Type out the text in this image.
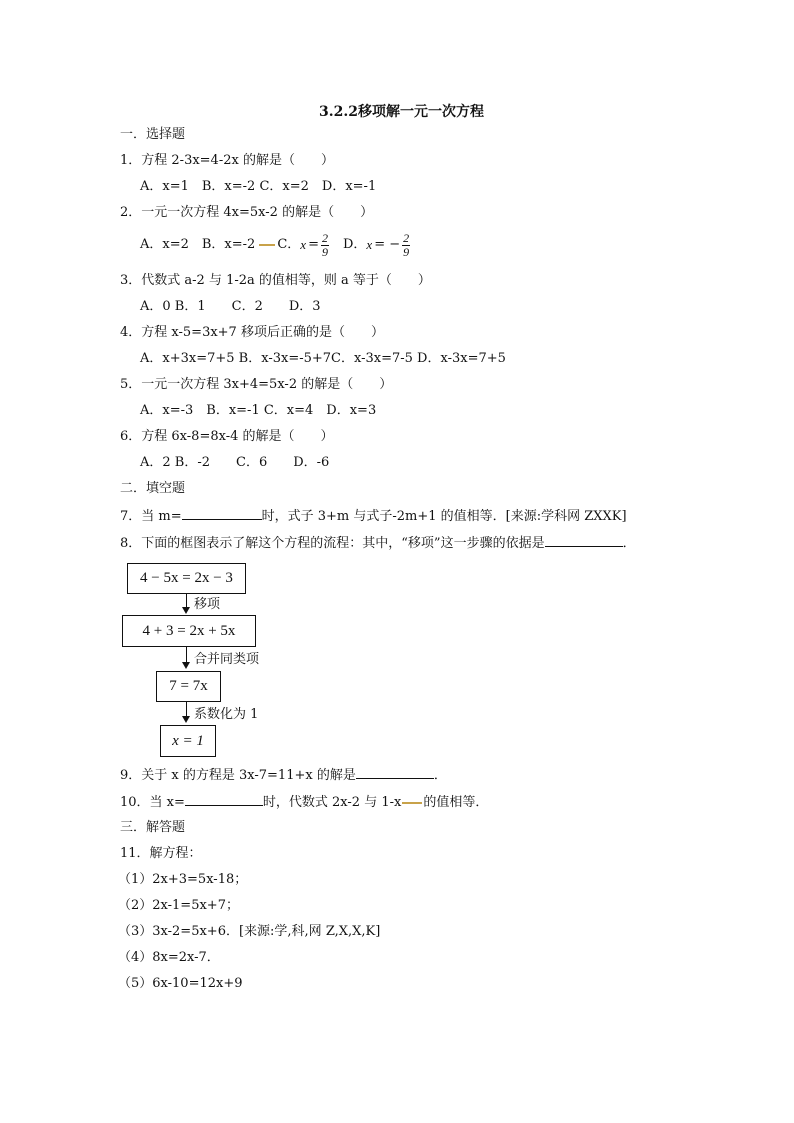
3.2.2移项解一元一次方程
一．选择题
1．方程 2-3x=4-2x 的解是（　　）
A．x=1　B．x=-2 C．x=2　D．x=-1
2．一元一次方程 4x=5x-2 的解是（　　）
A．x=2　B．x=-2 C． $x = \frac{2}{9}$ D． x = − $\frac{2}{9}$
3．代数式 a-2 与 1-2a 的值相等，则 a 等于（　　）
A．0 B．1　　C．2　　D．3
4．方程 x-5=3x+7 移项后正确的是（　　）
A．x+3x=7+5 B．x-3x=-5+7C．x-3x=7-5 D．x-3x=7+5
5．一元一次方程 3x+4=5x-2 的解是（　　）
A．x=-3　B．x=-1 C．x=4　D．x=3
6．方程 6x-8=8x-4 的解是（　　）
A．2 B．-2　　C．6　　D．-6
二．填空题
7．当 m=	时，式子 3+m 与式子-2m+1 的值相等．[来源:学科网 ZXXK]
8．下面的框图表示了解这个方程的流程：其中，“移项”这一步骤的依据是	．
4 − 5x = 2x − 3
移项
4 + 3 = 2x + 5x
合并同类项
7 = 7x
系数化为 1
x = 1
9．关于 x 的方程是 3x-7=11+x 的解是	．
10．当 x=	时，代数式 2x-2 与 1-x 的值相等．
三．解答题
11．解方程：
（1）2x+3=5x-18；
（2）2x-1=5x+7；
（3）3x-2=5x+6．[来源:学,科,网 Z,X,X,K]
（4）8x=2x-7．
（5）6x-10=12x+9
